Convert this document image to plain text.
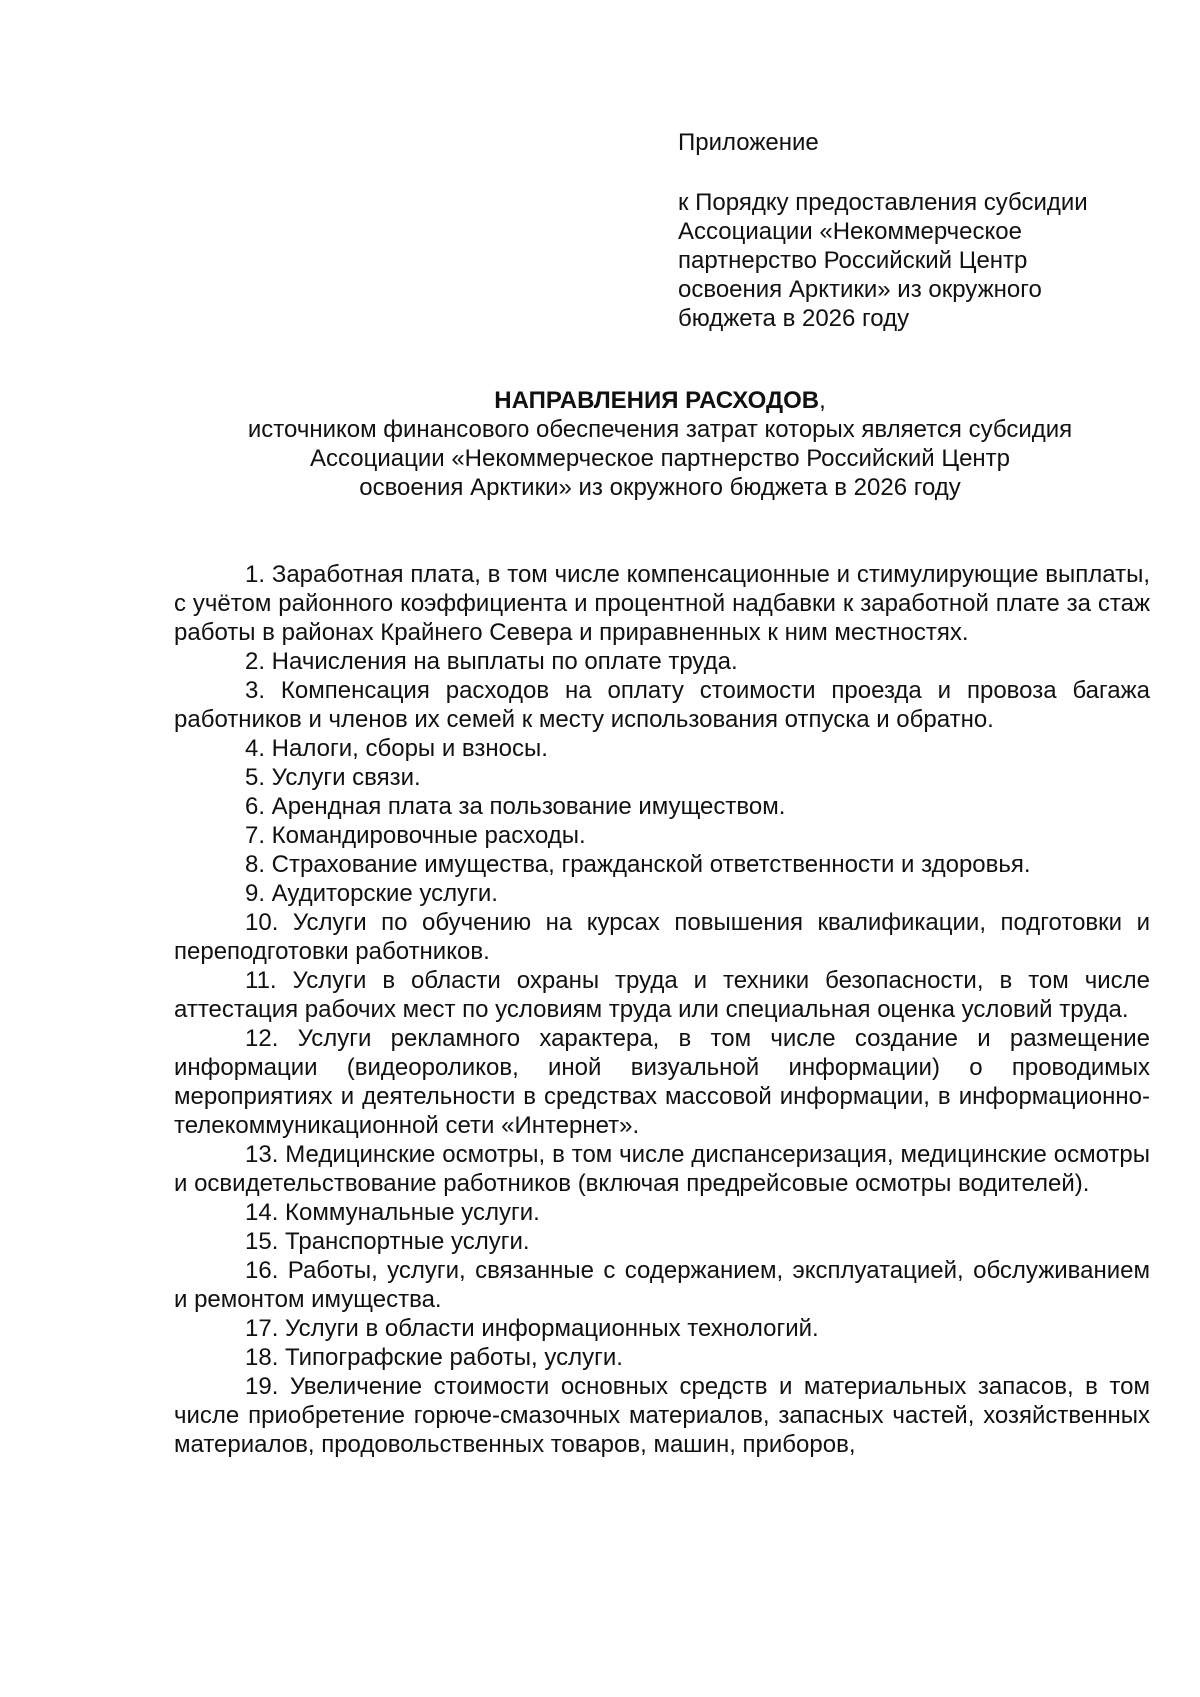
Приложение
к Порядку предоставления субсидии
Ассоциации «Некоммерческое
партнерство Российский Центр
освоения Арктики» из окружного
бюджета в 2026 году
НАПРАВЛЕНИЯ РАСХОДОВ,
источником финансового обеспечения затрат которых является субсидия
Ассоциации «Некоммерческое партнерство Российский Центр
освоения Арктики» из окружного бюджета в 2026 году
1. Заработная плата, в том числе компенсационные и стимулирующие выплаты, с учётом районного коэффициента и процентной надбавки к заработной плате за стаж работы в районах Крайнего Севера и приравненных к ним местностях.
2. Начисления на выплаты по оплате труда.
3. Компенсация расходов на оплату стоимости проезда и провоза багажа работников и членов их семей к месту использования отпуска и обратно.
4. Налоги, сборы и взносы.
5. Услуги связи.
6. Арендная плата за пользование имуществом.
7. Командировочные расходы.
8. Страхование имущества, гражданской ответственности и здоровья.
9. Аудиторские услуги.
10. Услуги по обучению на курсах повышения квалификации, подготовки и переподготовки работников.
11. Услуги в области охраны труда и техники безопасности, в том числе аттестация рабочих мест по условиям труда или специальная оценка условий труда.
12. Услуги рекламного характера, в том числе создание и размещение информации (видеороликов, иной визуальной информации) о проводимых мероприятиях и деятельности в средствах массовой информации, в информационно-телекоммуникационной сети «Интернет».
13. Медицинские осмотры, в том числе диспансеризация, медицинские осмотры и освидетельствование работников (включая предрейсовые осмотры водителей).
14. Коммунальные услуги.
15. Транспортные услуги.
16. Работы, услуги, связанные с содержанием, эксплуатацией, обслуживанием и ремонтом имущества.
17. Услуги в области информационных технологий.
18. Типографские работы, услуги.
19. Увеличение стоимости основных средств и материальных запасов, в том числе приобретение горюче-смазочных материалов, запасных частей, хозяйственных материалов, продовольственных товаров, машин, приборов,
